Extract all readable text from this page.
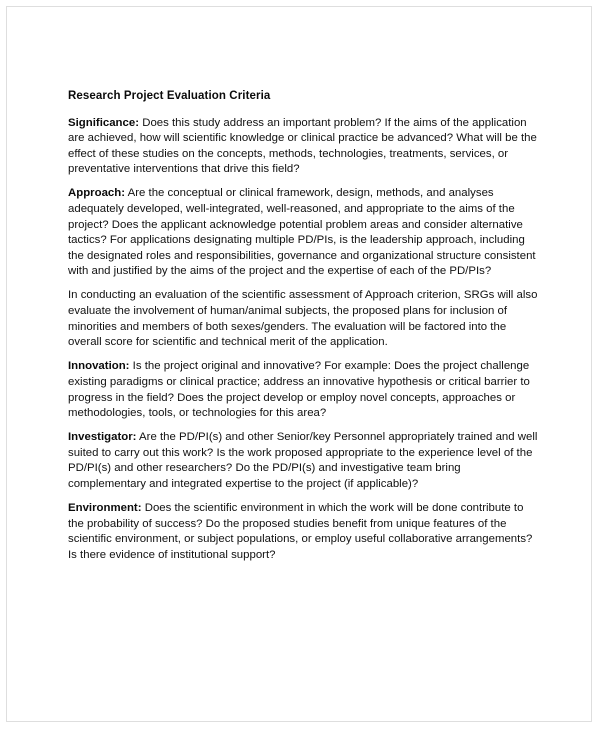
Research Project Evaluation Criteria

Significance: Does this study address an important problem? If the aims of the application are achieved, how will scientific knowledge or clinical practice be advanced? What will be the effect of these studies on the concepts, methods, technologies, treatments, services, or preventative interventions that drive this field?

Approach: Are the conceptual or clinical framework, design, methods, and analyses adequately developed, well-integrated, well-reasoned, and appropriate to the aims of the project? Does the applicant acknowledge potential problem areas and consider alternative tactics? For applications designating multiple PD/PIs, is the leadership approach, including the designated roles and responsibilities, governance and organizational structure consistent with and justified by the aims of the project and the expertise of each of the PD/PIs?

In conducting an evaluation of the scientific assessment of Approach criterion, SRGs will also evaluate the involvement of human/animal subjects, the proposed plans for inclusion of minorities and members of both sexes/genders. The evaluation will be factored into the overall score for scientific and technical merit of the application.

Innovation: Is the project original and innovative? For example: Does the project challenge existing paradigms or clinical practice; address an innovative hypothesis or critical barrier to progress in the field? Does the project develop or employ novel concepts, approaches or methodologies, tools, or technologies for this area?

Investigator: Are the PD/PI(s) and other Senior/key Personnel appropriately trained and well suited to carry out this work? Is the work proposed appropriate to the experience level of the PD/PI(s) and other researchers? Do the PD/PI(s) and investigative team bring complementary and integrated expertise to the project (if applicable)?

Environment: Does the scientific environment in which the work will be done contribute to the probability of success? Do the proposed studies benefit from unique features of the scientific environment, or subject populations, or employ useful collaborative arrangements? Is there evidence of institutional support?
